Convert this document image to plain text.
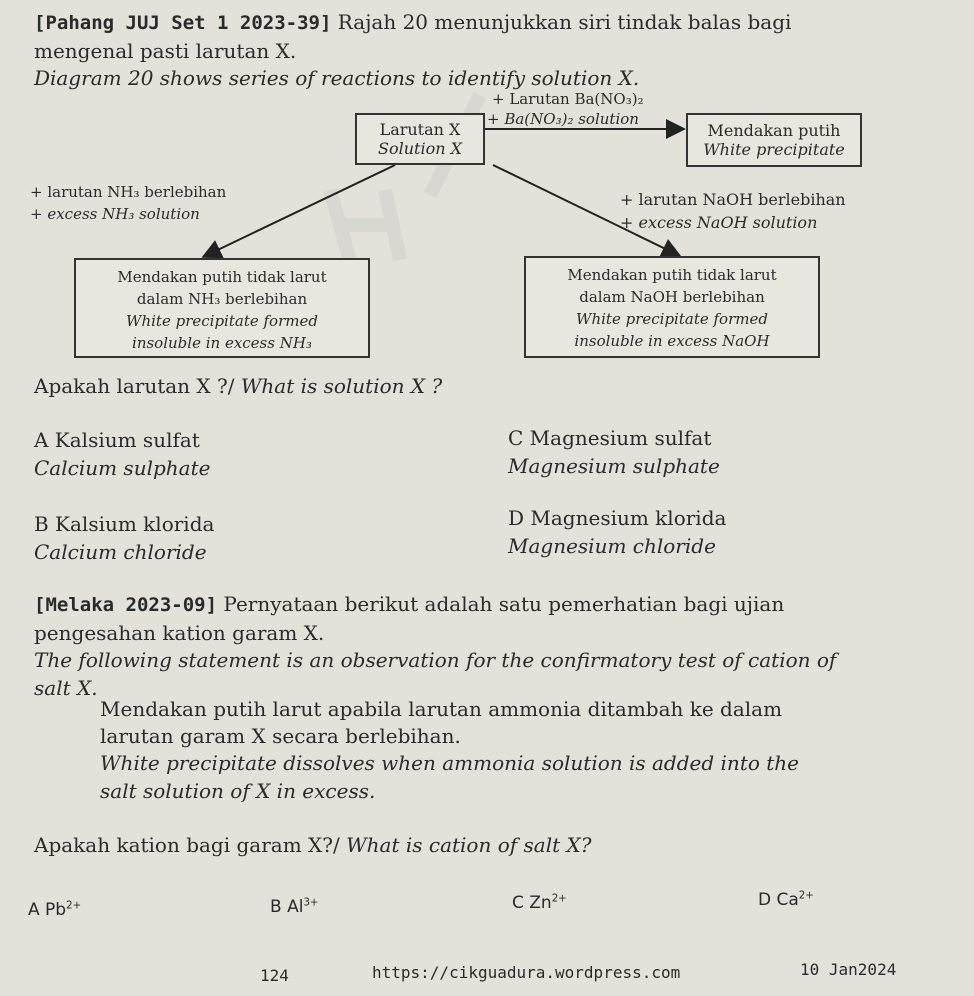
[Pahang JUJ Set 1 2023-39] Rajah 20 menunjukkan siri tindak balas bagi
mengenal pasti larutan X.
Diagram 20 shows series of reactions to identify solution X.
+ Larutan Ba(NO₃)₂
+ Ba(NO₃)₂ solution
Larutan X
Solution X
Mendakan putih
White precipitate
+ larutan NH₃ berlebihan
+ excess NH₃ solution
+ larutan NaOH berlebihan
+ excess NaOH solution
Mendakan putih tidak larut
dalam NH₃ berlebihan
White precipitate formed
insoluble in excess NH₃
Mendakan putih tidak larut
dalam NaOH berlebihan
White precipitate formed
insoluble in excess NaOH
Apakah larutan X ?/ What is solution X ?
A Kalsium sulfat
Calcium sulphate
C Magnesium sulfat
Magnesium sulphate
B Kalsium klorida
Calcium chloride
D Magnesium klorida
Magnesium chloride
[Melaka 2023-09] Pernyataan berikut adalah satu pemerhatian bagi ujian
pengesahan kation garam X.
The following statement is an observation for the confirmatory test of cation of
salt X.
Mendakan putih larut apabila larutan ammonia ditambah ke dalam
larutan garam X secara berlebihan.
White precipitate dissolves when ammonia solution is added into the
salt solution of X in excess.
Apakah kation bagi garam X?/ What is cation of salt X?
A $Pb^{2+}$	B $Al^{3+}$	C $Zn^{2+}$	D $Ca^{2+}$
124	https://cikguadura.wordpress.com	10 Jan2024
